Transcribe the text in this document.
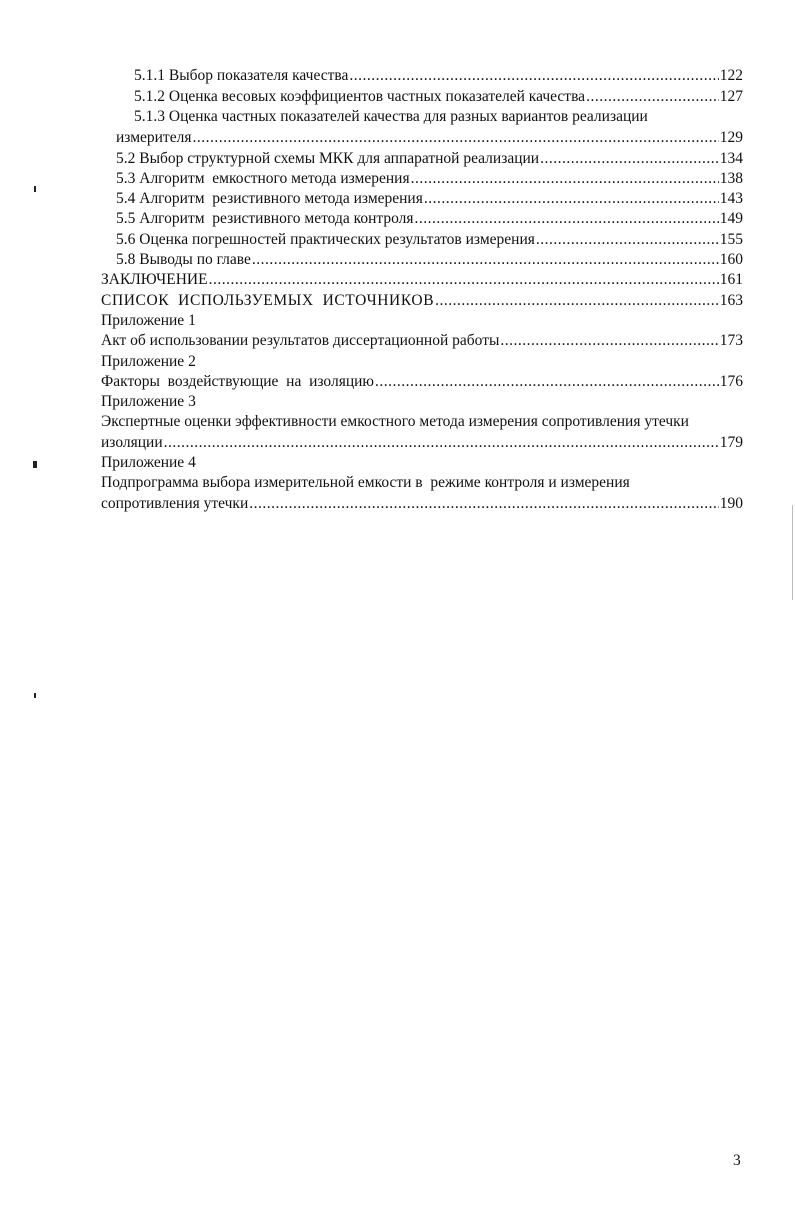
5.1.1 Выбор показателя качества .....	122
5.1.2 Оценка весовых коэффициентов частных показателей качества .....	127
5.1.3 Оценка частных показателей качества для разных вариантов реализации
измерителя .....	129
5.2 Выбор структурной схемы МКК для аппаратной реализации .....	134
5.3 Алгоритм  емкостного метода измерения .....	138
5.4 Алгоритм  резистивного метода измерения .....	143
5.5 Алгоритм  резистивного метода контроля .....	149
5.6 Оценка погрешностей практических результатов измерения .....	155
5.8 Выводы по главе .....	160
ЗАКЛЮЧЕНИЕ .....	161
СПИСОК  ИСПОЛЬЗУЕМЫХ  ИСТОЧНИКОВ .....	163
Приложение 1
Акт об использовании результатов диссертационной работы .....	173
Приложение 2
Факторы  воздействующие  на  изоляцию .....	176
Приложение 3
Экспертные оценки эффективности емкостного метода измерения сопротивления утечки
изоляции .....	179
Приложение 4
Подпрограмма выбора измерительной емкости в  режиме контроля и измерения
сопротивления утечки .....	190
3
